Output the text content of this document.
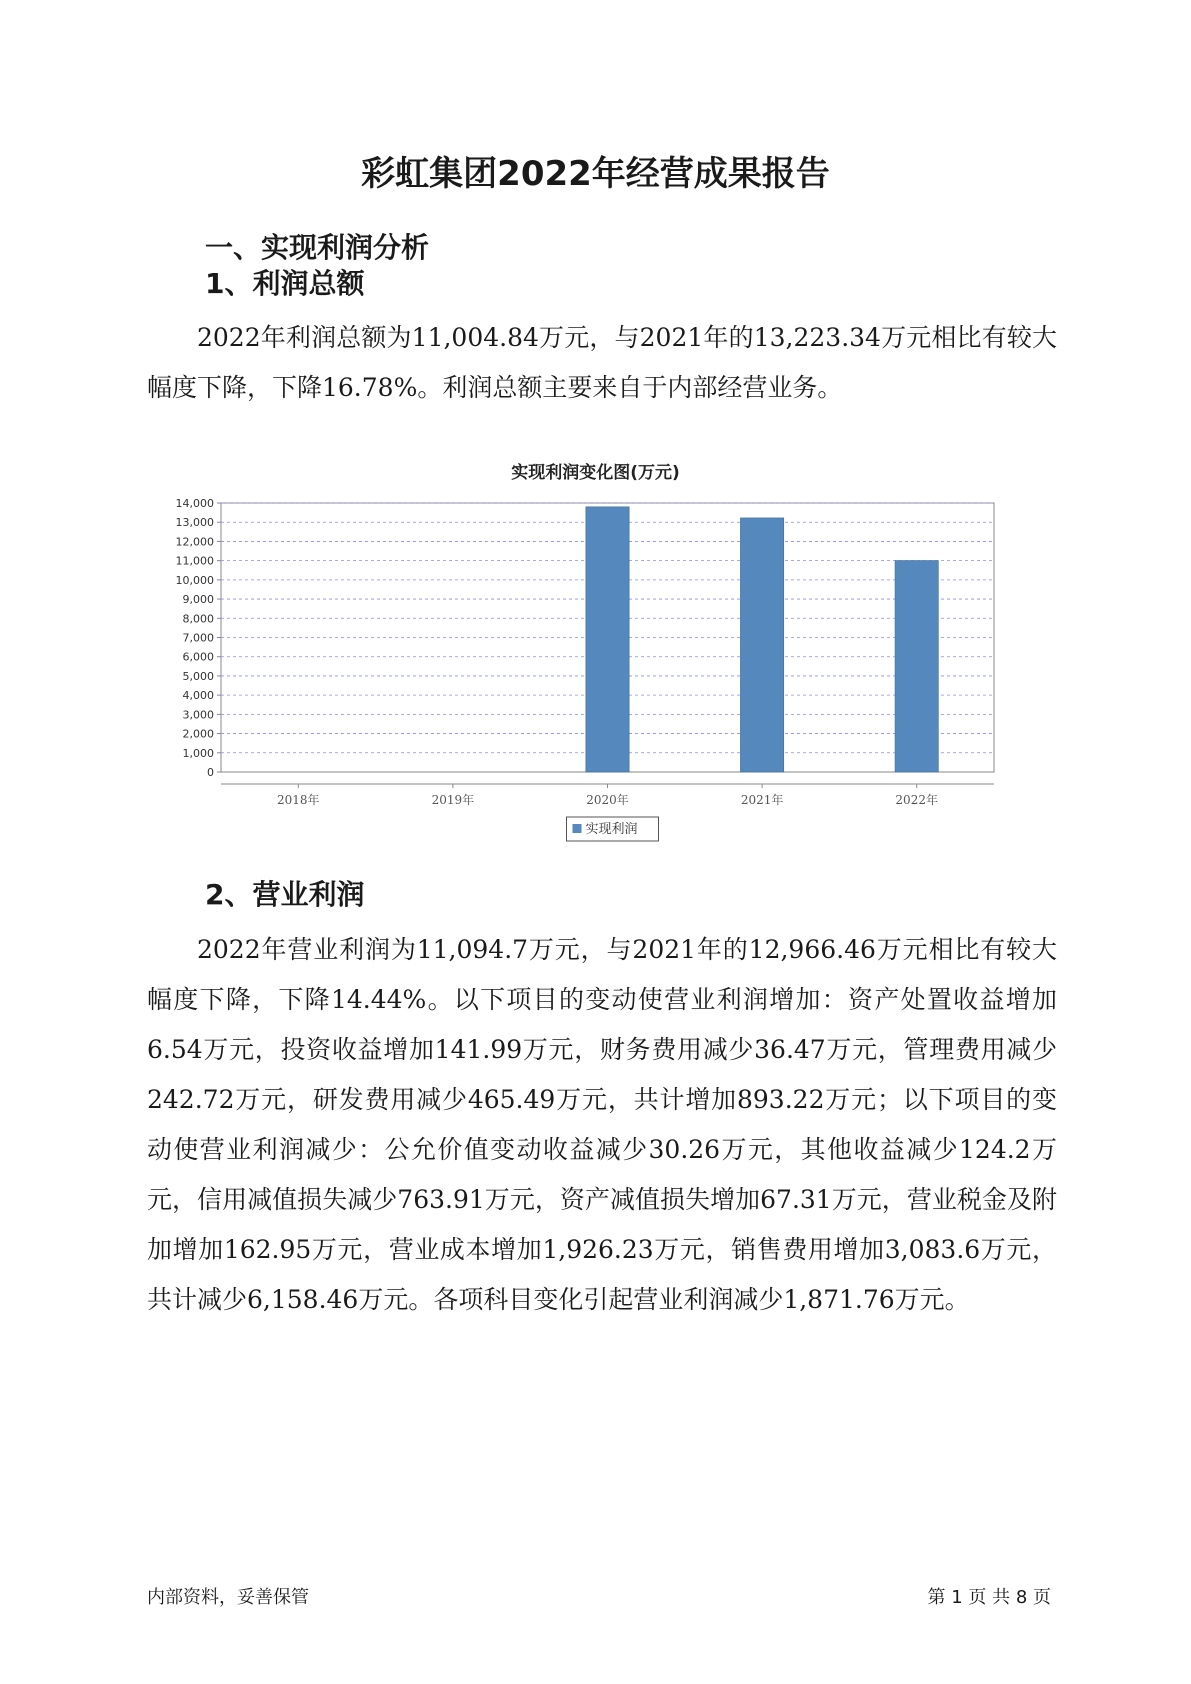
彩虹集团2022年经营成果报告
一、实现利润分析
1、利润总额

2022年利润总额为11,004.84万元，与2021年的13,223.34万元相比有较大幅度下降，下降16.78%。利润总额主要来自于内部经营业务。

实现利润变化图(万元)
0
1,000
2,000
3,000
4,000
5,000
6,000
7,000
8,000
9,000
10,000
11,000
12,000
13,000
14,000
2018年	2019年	2020年	2021年	2022年
实现利润
2、营业利润

2022年营业利润为11,094.7万元，与2021年的12,966.46万元相比有较大幅度下降，下降14.44%。以下项目的变动使营业利润增加：资产处置收益增加6.54万元，投资收益增加141.99万元，财务费用减少36.47万元，管理费用减少242.72万元，研发费用减少465.49万元，共计增加893.22万元；以下项目的变动使营业利润减少：公允价值变动收益减少30.26万元，其他收益减少124.2万元，信用减值损失减少763.91万元，资产减值损失增加67.31万元，营业税金及附加增加162.95万元，营业成本增加1,926.23万元，销售费用增加3,083.6万元，共计减少6,158.46万元。各项科目变化引起营业利润减少1,871.76万元。

内部资料，妥善保管	第 1 页 共 8 页
